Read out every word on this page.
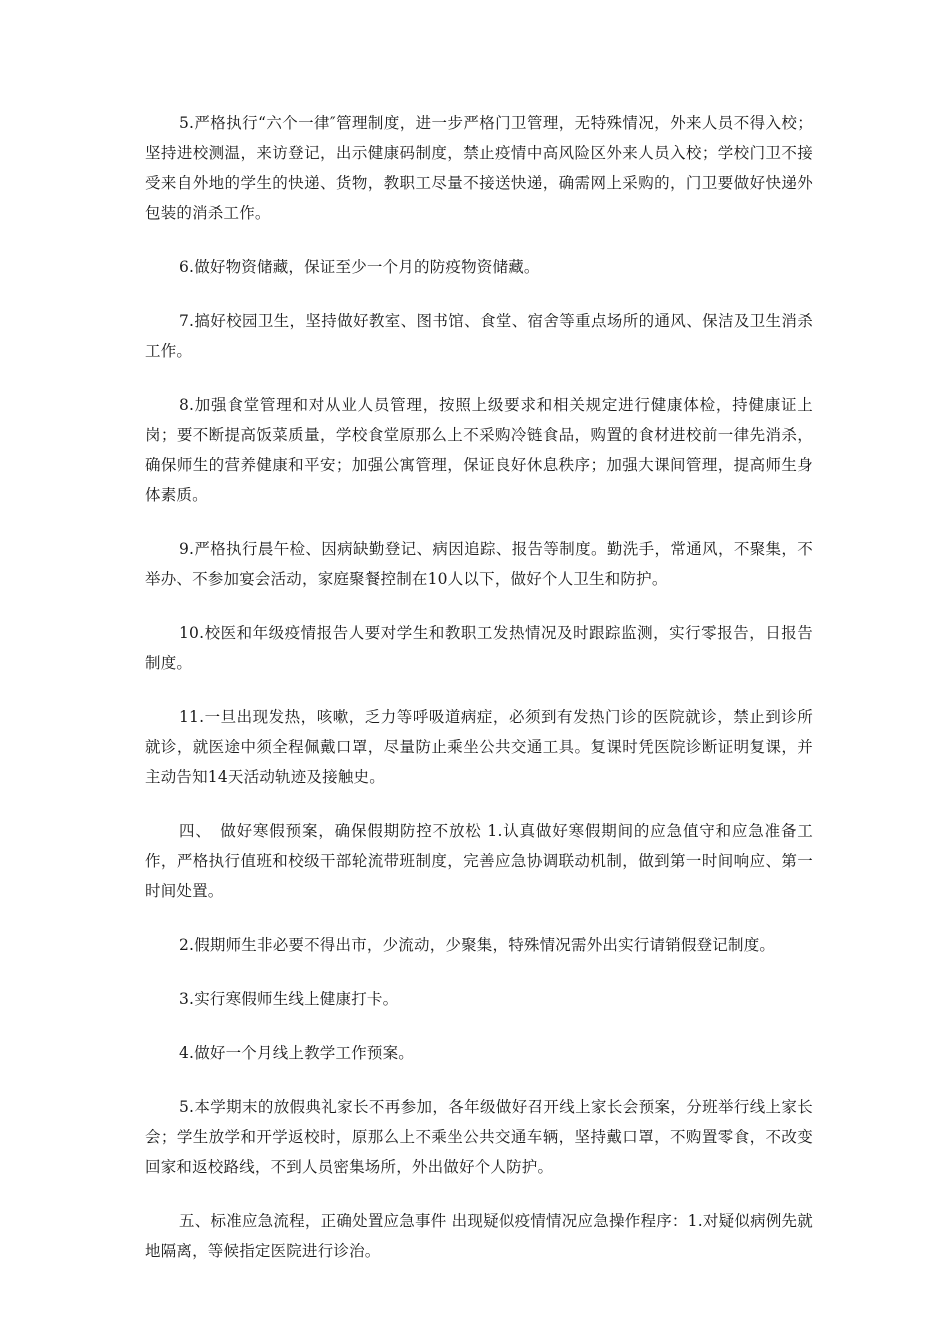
5.严格执行“六个一律″管理制度，进一步严格门卫管理，无特殊情况，外来人员不得入校；坚持进校测温，来访登记，出示健康码制度，禁止疫情中高风险区外来人员入校；学校门卫不接受来自外地的学生的快递、货物，教职工尽量不接送快递，确需网上采购的，门卫要做好快递外包装的消杀工作。

6.做好物资储藏，保证至少一个月的防疫物资储藏。

7.搞好校园卫生，坚持做好教室、图书馆、食堂、宿舍等重点场所的通风、保洁及卫生消杀工作。

8.加强食堂管理和对从业人员管理，按照上级要求和相关规定进行健康体检，持健康证上岗；要不断提高饭菜质量，学校食堂原那么上不采购冷链食品，购置的食材进校前一律先消杀，确保师生的营养健康和平安；加强公寓管理，保证良好休息秩序；加强大课间管理，提高师生身体素质。

9.严格执行晨午检、因病缺勤登记、病因追踪、报告等制度。勤洗手，常通风，不聚集，不举办、不参加宴会活动，家庭聚餐控制在10人以下，做好个人卫生和防护。

10.校医和年级疫情报告人要对学生和教职工发热情况及时跟踪监测，实行零报告，日报告制度。

11.一旦出现发热，咳嗽，乏力等呼吸道病症，必须到有发热门诊的医院就诊，禁止到诊所就诊，就医途中须全程佩戴口罩，尽量防止乘坐公共交通工具。复课时凭医院诊断证明复课，并主动告知14天活动轨迹及接触史。

四、　做好寒假预案，确保假期防控不放松 1.认真做好寒假期间的应急值守和应急准备工作，严格执行值班和校级干部轮流带班制度，完善应急协调联动机制，做到第一时间响应、第一时间处置。

2.假期师生非必要不得出市，少流动，少聚集，特殊情况需外出实行请销假登记制度。

3.实行寒假师生线上健康打卡。

4.做好一个月线上教学工作预案。

5.本学期末的放假典礼家长不再参加，各年级做好召开线上家长会预案，分班举行线上家长会；学生放学和开学返校时，原那么上不乘坐公共交通车辆，坚持戴口罩，不购置零食，不改变回家和返校路线，不到人员密集场所，外出做好个人防护。

五、标准应急流程，正确处置应急事件 出现疑似疫情情况应急操作程序：1.对疑似病例先就地隔离，等候指定医院进行诊治。
